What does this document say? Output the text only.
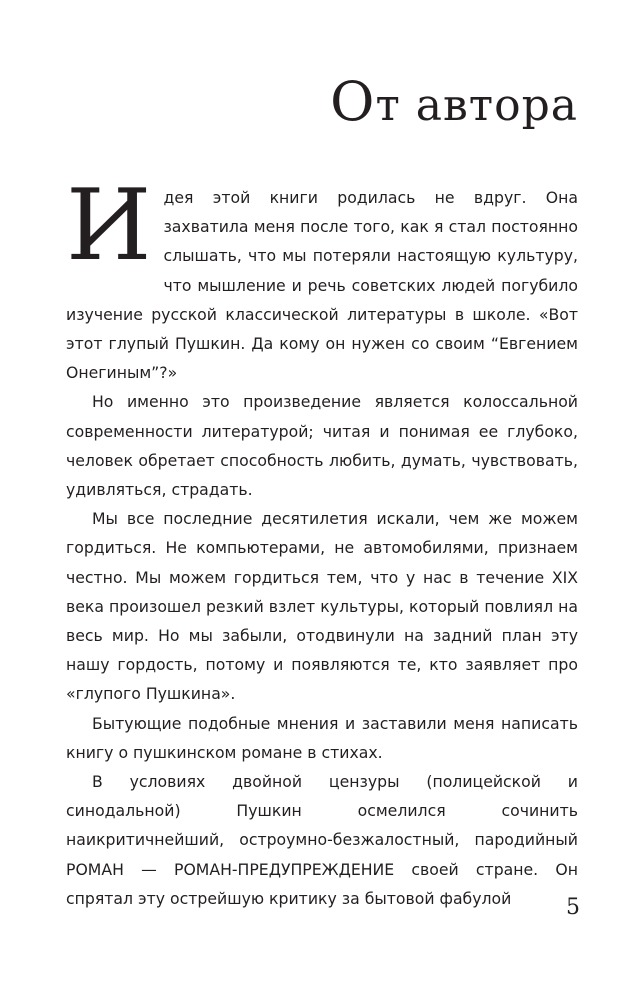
От автора

Идея этой книги родилась не вдруг. Она захватила меня после того, как я стал постоянно слышать, что мы потеряли настоящую культуру, что мышление и речь советских людей погубило изучение русской классической литературы в школе. «Вот этот глупый Пушкин. Да кому он нужен со своим “Евгением Онегиным”?»

Но именно это произведение является колоссальной современности литературой; читая и понимая ее глубоко, человек обретает способность любить, думать, чувствовать, удивляться, страдать.

Мы все последние десятилетия искали, чем же можем гордиться. Не компьютерами, не автомобилями, признаем честно. Мы можем гордиться тем, что у нас в течение XIX века произошел резкий взлет культуры, который повлиял на весь мир. Но мы забыли, отодвинули на задний план эту нашу гордость, потому и появляются те, кто заявляет про «глупого Пушкина».

Бытующие подобные мнения и заставили меня написать книгу о пушкинском романе в стихах.

В условиях двойной цензуры (полицейской и синодальной) Пушкин осмелился сочинить наикритичнейший, остроумно-безжалостный, пародийный РОМАН — РОМАН-ПРЕДУПРЕЖДЕНИЕ своей стране. Он спрятал эту острейшую критику за бытовой фабулой	5
